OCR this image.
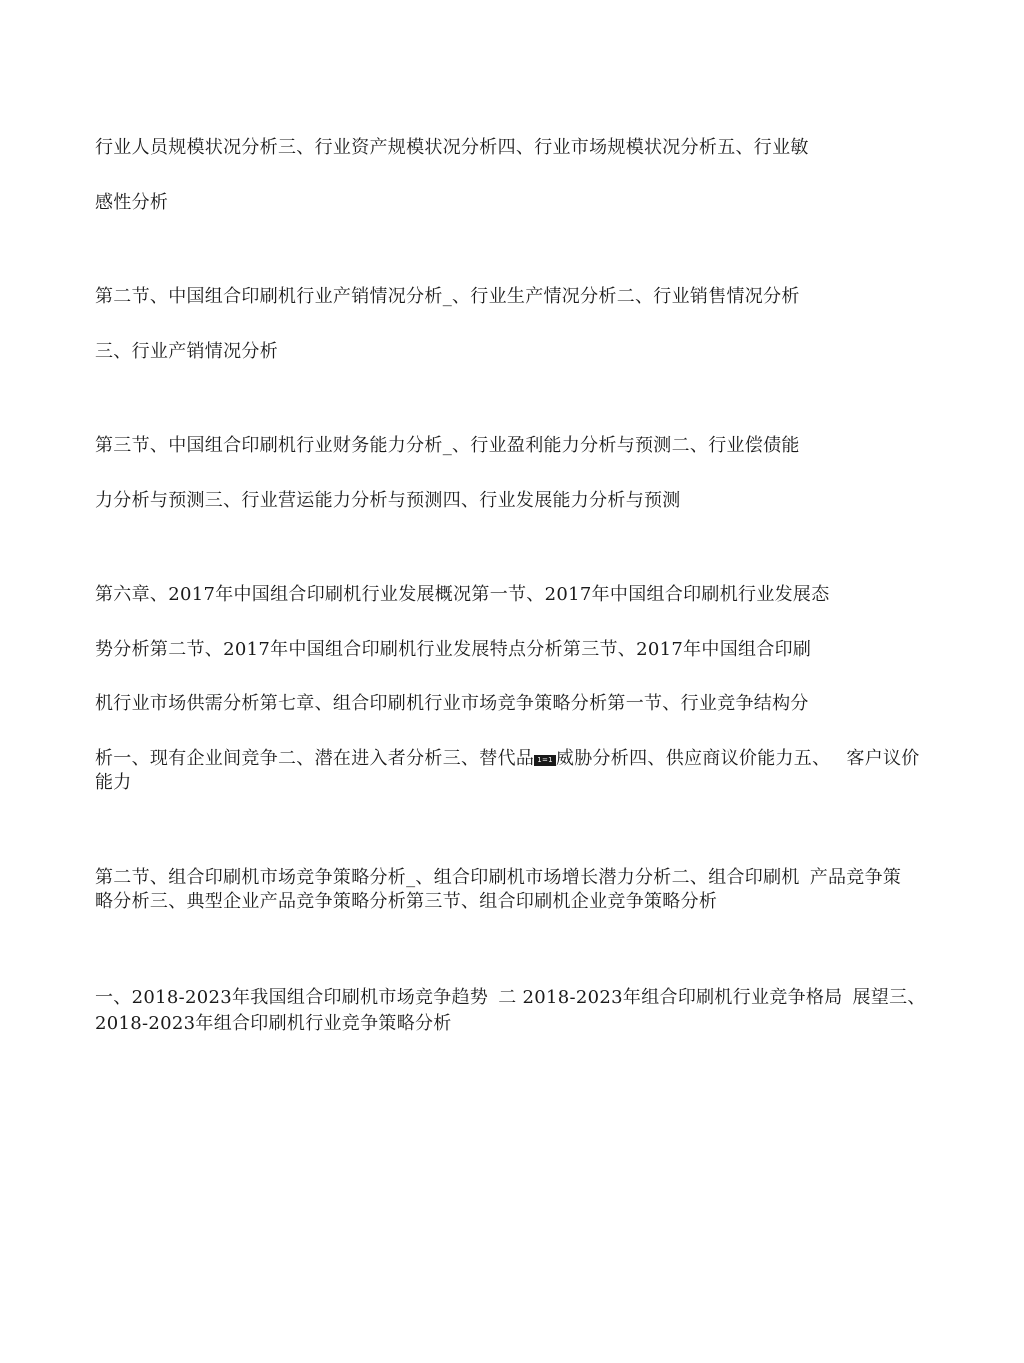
行业人员规模状况分析三、行业资产规模状况分析四、行业市场规模状况分析五、行业敏
感性分析
第二节、中国组合印刷机行业产销情况分析_、行业生产情况分析二、行业销售情况分析
三、行业产销情况分析
第三节、中国组合印刷机行业财务能力分析_、行业盈利能力分析与预测二、行业偿债能
力分析与预测三、行业营运能力分析与预测四、行业发展能力分析与预测
第六章、2017年中国组合印刷机行业发展概况第一节、2017年中国组合印刷机行业发展态
势分析第二节、2017年中国组合印刷机行业发展特点分析第三节、2017年中国组合印刷
机行业市场供需分析第七章、组合印刷机行业市场竞争策略分析第一节、行业竞争结构分
析一、现有企业间竞争二、潜在进入者分析三、替代品 1=1 威胁分析四、供应商议价能力五、 客户议价
能力
第二节、组合印刷机市场竞争策略分析_、组合印刷机市场增长潜力分析二、组合印刷机 产品竞争策
略分析三、典型企业产品竞争策略分析第三节、组合印刷机企业竞争策略分析
一、2018-2023年我国组合印刷机市场竞争趋势 二 2018-2023年组合印刷机行业竞争格局 展望三、
2018-2023年组合印刷机行业竞争策略分析
